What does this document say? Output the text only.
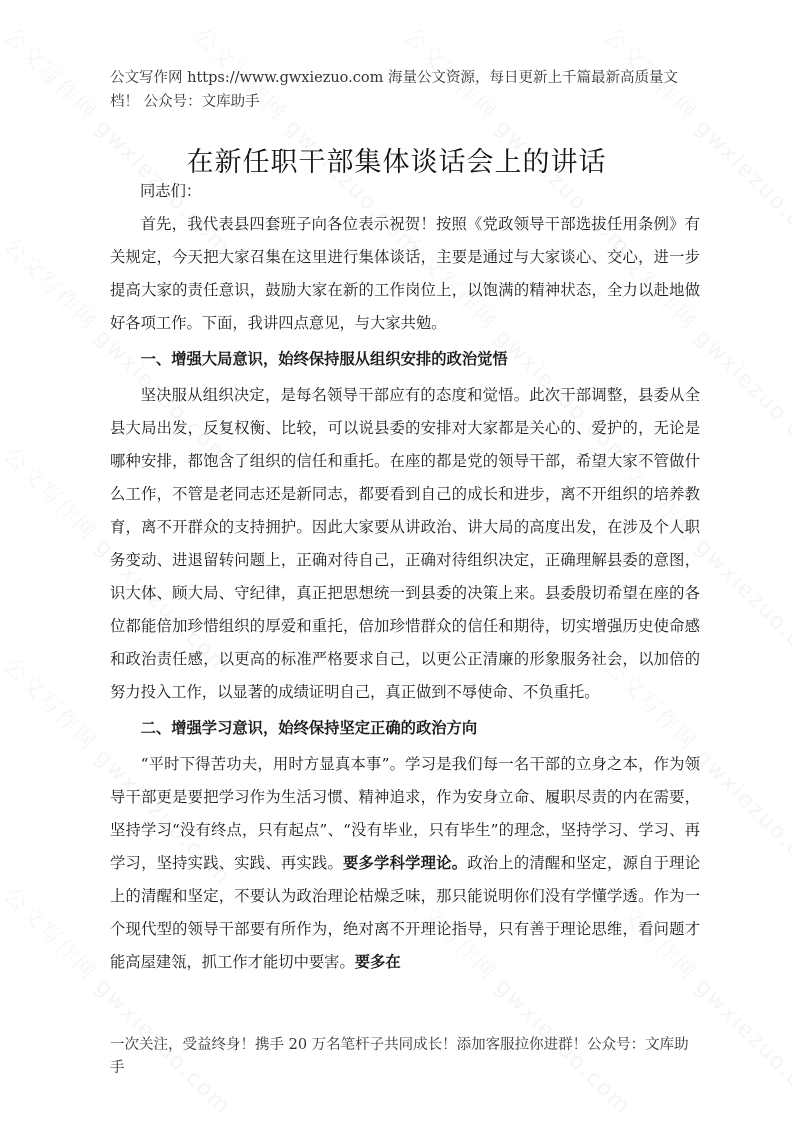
公文写作网 https://www.gwxiezuo.com 海量公文资源，每日更新上千篇最新高质量文档！ 公众号：文库助手
在新任职干部集体谈话会上的讲话

同志们：

首先，我代表县四套班子向各位表示祝贺！按照《党政领导干部选拔任用条例》有关规定，今天把大家召集在这里进行集体谈话，主要是通过与大家谈心、交心，进一步提高大家的责任意识，鼓励大家在新的工作岗位上，以饱满的精神状态，全力以赴地做好各项工作。下面，我讲四点意见，与大家共勉。

一、增强大局意识，始终保持服从组织安排的政治觉悟

坚决服从组织决定，是每名领导干部应有的态度和觉悟。此次干部调整，县委从全县大局出发，反复权衡、比较，可以说县委的安排对大家都是关心的、爱护的，无论是哪种安排，都饱含了组织的信任和重托。在座的都是党的领导干部，希望大家不管做什么工作，不管是老同志还是新同志，都要看到自己的成长和进步，离不开组织的培养教育，离不开群众的支持拥护。因此大家要从讲政治、讲大局的高度出发，在涉及个人职务变动、进退留转问题上，正确对待自己，正确对待组织决定，正确理解县委的意图，识大体、顾大局、守纪律，真正把思想统一到县委的决策上来。县委殷切希望在座的各位都能倍加珍惜组织的厚爱和重托，倍加珍惜群众的信任和期待，切实增强历史使命感和政治责任感，以更高的标准严格要求自己，以更公正清廉的形象服务社会，以加倍的努力投入工作，以显著的成绩证明自己，真正做到不辱使命、不负重托。

二、增强学习意识，始终保持坚定正确的政治方向

“平时下得苦功夫，用时方显真本事”。学习是我们每一名干部的立身之本，作为领导干部更是要把学习作为生活习惯、精神追求，作为安身立命、履职尽责的内在需要，坚持学习“没有终点，只有起点”、“没有毕业，只有毕生”的理念，坚持学习、学习、再学习，坚持实践、实践、再实践。要多学科学理论。政治上的清醒和坚定，源自于理论上的清醒和坚定，不要认为政治理论枯燥乏味，那只能说明你们没有学懂学透。作为一个现代型的领导干部要有所作为，绝对离不开理论指导，只有善于理论思维，看问题才能高屋建瓴，抓工作才能切中要害。要多在

一次关注，受益终身！携手 20 万名笔杆子共同成长！添加客服拉你进群！公众号：文库助手
